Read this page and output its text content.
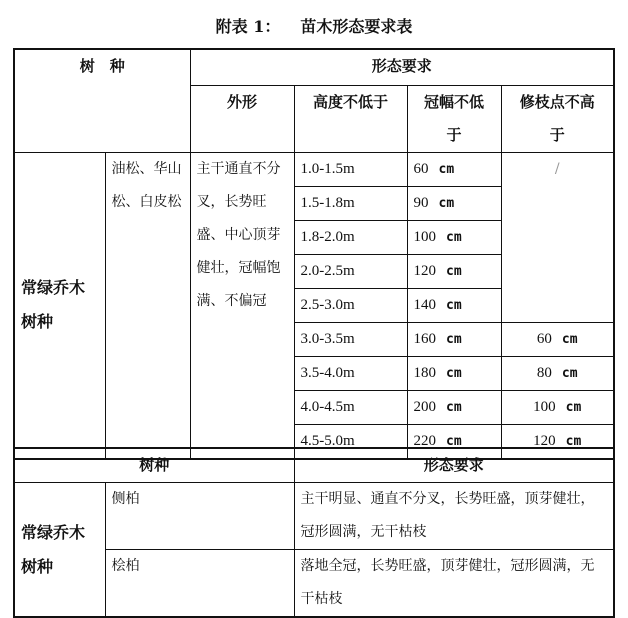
附表 1： 苗木形态要求表
树　种		形态要求			
		外形	高度不低于	冠幅不低于	修枝点不高于
常绿乔木树种	油松、华山松、白皮松	主干通直不分叉，长势旺盛、中心顶芽健壮，冠幅饱满、不偏冠	1.0-1.5m	60 cm	/
			1.5-1.8m	90 cm	
			1.8-2.0m	100 cm	
			2.0-2.5m	120 cm	
			2.5-3.0m	140 cm	
			3.0-3.5m	160 cm	60 cm
			3.5-4.0m	180 cm	80 cm
			4.0-4.5m	200 cm	100 cm
			4.5-5.0m	220 cm	120 cm
树种		形态要求
常绿乔木树种	侧柏	主干明显、通直不分叉，长势旺盛，顶芽健壮，冠形圆满，无干枯枝
	桧柏	落地全冠，长势旺盛，顶芽健壮，冠形圆满，无干枯枝
